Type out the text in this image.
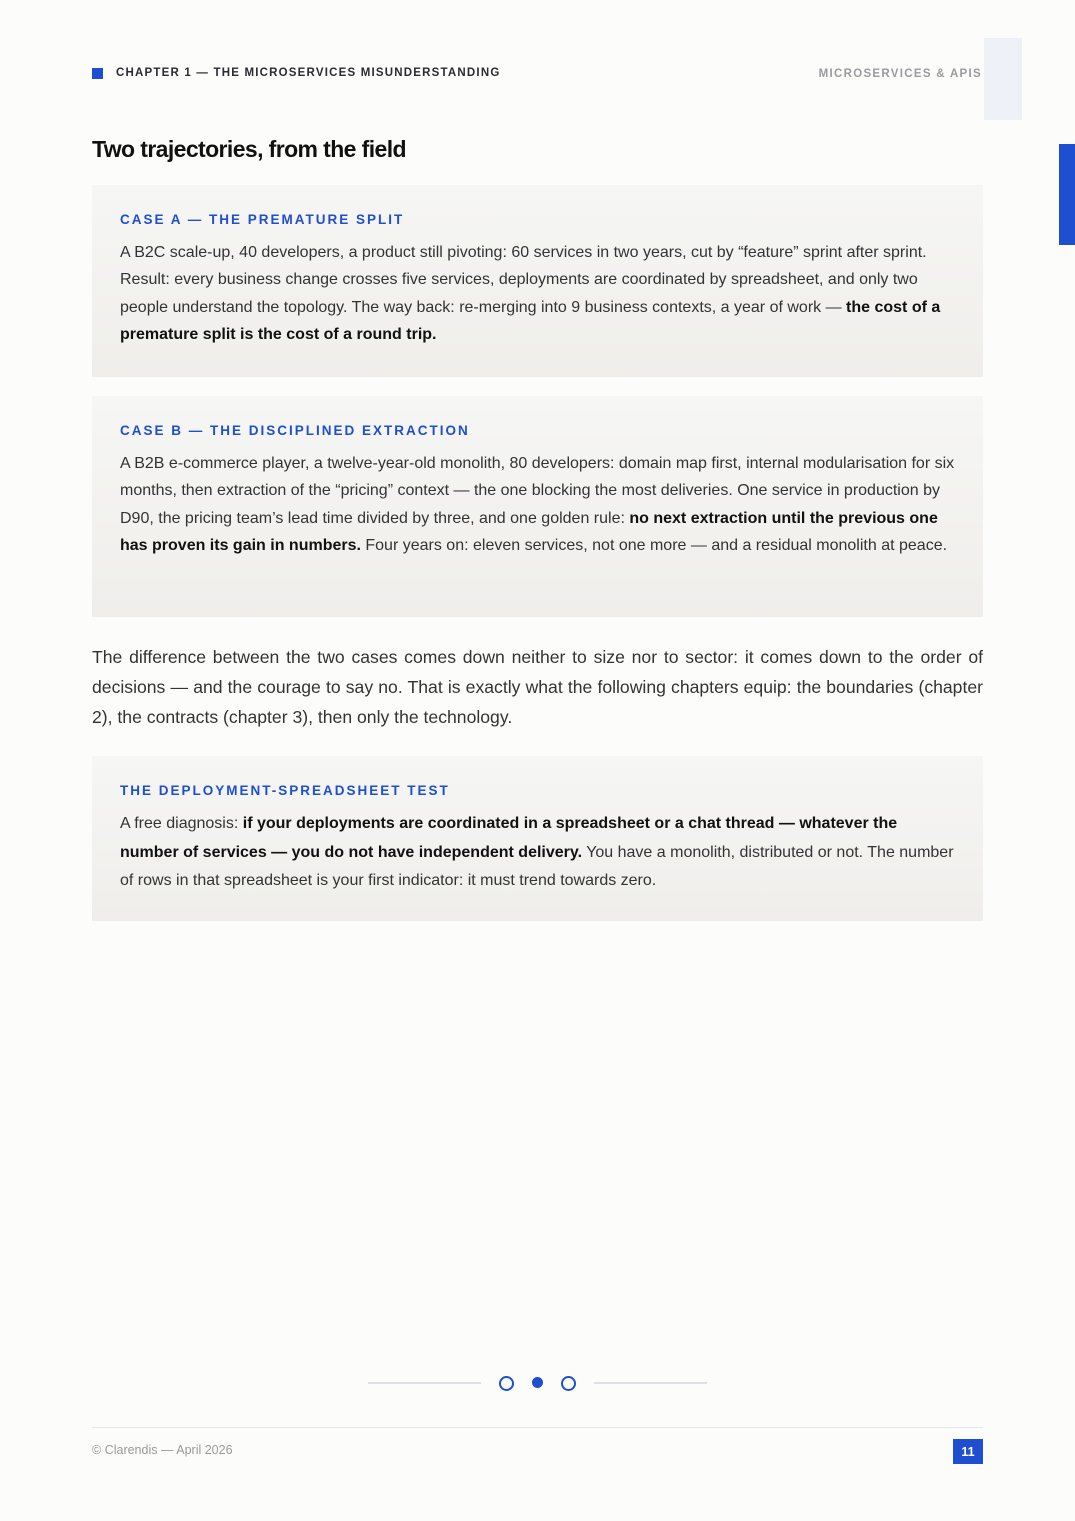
CHAPTER 1 — THE MICROSERVICES MISUNDERSTANDING	MICROSERVICES & APIS
Two trajectories, from the field
CASE A — THE PREMATURE SPLIT

A B2C scale-up, 40 developers, a product still pivoting: 60 services in two years, cut by “feature” sprint after sprint. Result: every business change crosses five services, deployments are coordinated by spreadsheet, and only two people understand the topology. The way back: re-merging into 9 business contexts, a year of work — the cost of a premature split is the cost of a round trip.

CASE B — THE DISCIPLINED EXTRACTION

A B2B e-commerce player, a twelve-year-old monolith, 80 developers: domain map first, internal modularisation for six months, then extraction of the “pricing” context — the one blocking the most deliveries. One service in production by D90, the pricing team’s lead time divided by three, and one golden rule: no next extraction until the previous one has proven its gain in numbers. Four years on: eleven services, not one more — and a residual monolith at peace.

The difference between the two cases comes down neither to size nor to sector: it comes down to the order of decisions — and the courage to say no. That is exactly what the following chapters equip: the boundaries (chapter 2), the contracts (chapter 3), then only the technology.

THE DEPLOYMENT-SPREADSHEET TEST

A free diagnosis: if your deployments are coordinated in a spreadsheet or a chat thread — whatever the number of services — you do not have independent delivery. You have a monolith, distributed or not. The number of rows in that spreadsheet is your first indicator: it must trend towards zero.

© Clarendis — April 2026	11
